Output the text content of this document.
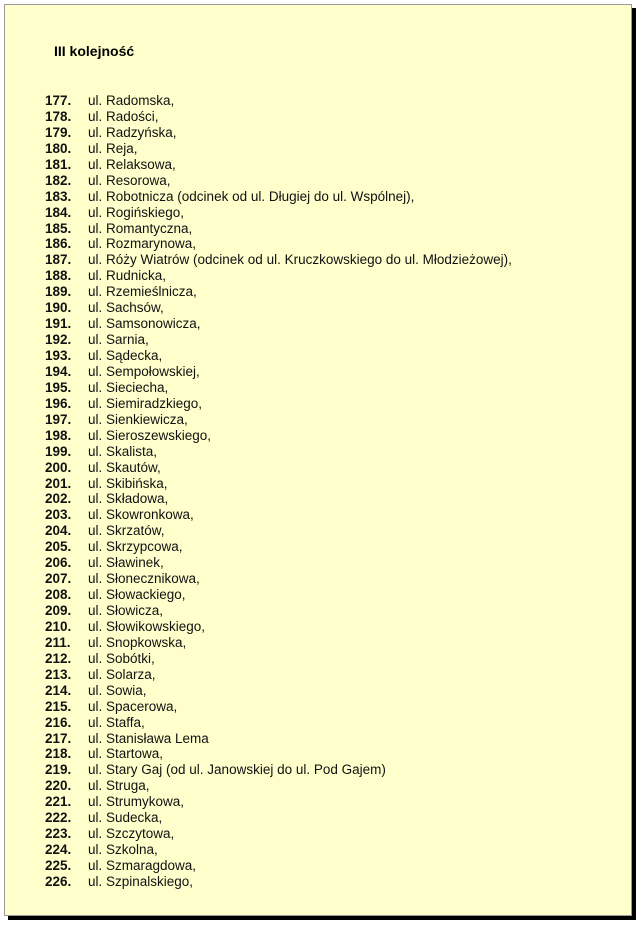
III kolejność
177. ul. Radomska,
178. ul. Radości,
179. ul. Radzyńska,
180. ul. Reja,
181. ul. Relaksowa,
182. ul. Resorowa,
183. ul. Robotnicza (odcinek od ul. Długiej do ul. Wspólnej),
184. ul. Rogińskiego,
185. ul. Romantyczna,
186. ul. Rozmarynowa,
187. ul. Róży Wiatrów (odcinek od ul. Kruczkowskiego do ul. Młodzieżowej),
188. ul. Rudnicka,
189. ul. Rzemieślnicza,
190. ul. Sachsów,
191. ul. Samsonowicza,
192. ul. Sarnia,
193. ul. Sądecka,
194. ul. Sempołowskiej,
195. ul. Sieciecha,
196. ul. Siemiradzkiego,
197. ul. Sienkiewicza,
198. ul. Sieroszewskiego,
199. ul. Skalista,
200. ul. Skautów,
201. ul. Skibińska,
202. ul. Składowa,
203. ul. Skowronkowa,
204. ul. Skrzatów,
205. ul. Skrzypcowa,
206. ul. Sławinek,
207. ul. Słonecznikowa,
208. ul. Słowackiego,
209. ul. Słowicza,
210. ul. Słowikowskiego,
211. ul. Snopkowska,
212. ul. Sobótki,
213. ul. Solarza,
214. ul. Sowia,
215. ul. Spacerowa,
216. ul. Staffa,
217. ul. Stanisława Lema
218. ul. Startowa,
219. ul. Stary Gaj (od ul. Janowskiej do ul. Pod Gajem)
220. ul. Struga,
221. ul. Strumykowa,
222. ul. Sudecka,
223. ul. Szczytowa,
224. ul. Szkolna,
225. ul. Szmaragdowa,
226. ul. Szpinalskiego,
